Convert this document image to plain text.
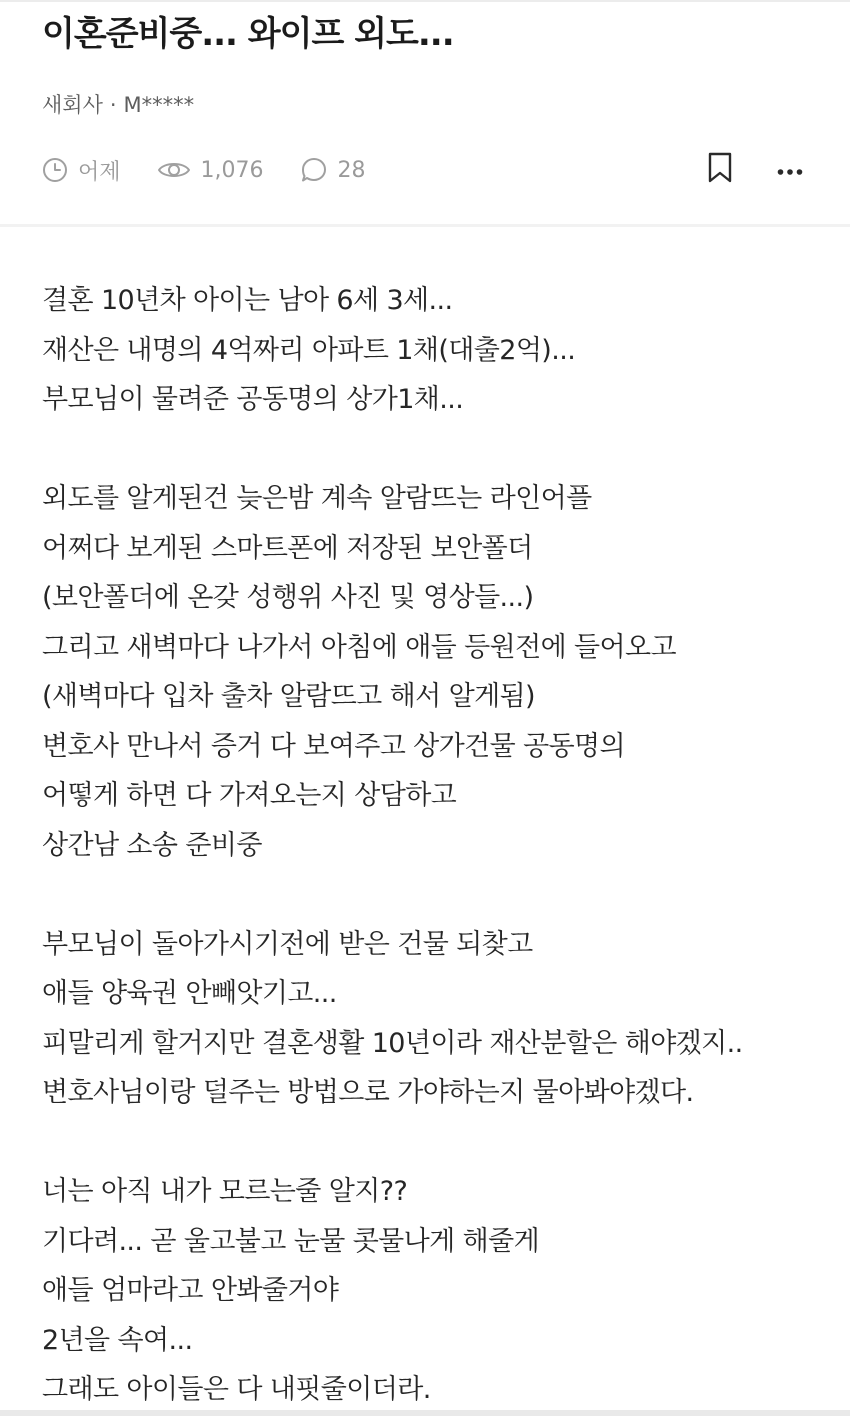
이혼준비중... 와이프 외도...
새회사 · M*****
어제	1,076	28
결혼 10년차 아이는 남아 6세 3세...
재산은 내명의 4억짜리 아파트 1채(대출2억)...
부모님이 물려준 공동명의 상가1채...
외도를 알게된건 늦은밤 계속 알람뜨는 라인어플
어쩌다 보게된 스마트폰에 저장된 보안폴더
(보안폴더에 온갖 성행위 사진 및 영상들...)
그리고 새벽마다 나가서 아침에 애들 등원전에 들어오고
(새벽마다 입차 출차 알람뜨고 해서 알게됨)
변호사 만나서 증거 다 보여주고 상가건물 공동명의
어떻게 하면 다 가져오는지 상담하고
상간남 소송 준비중
부모님이 돌아가시기전에 받은 건물 되찾고
애들 양육권 안빼앗기고...
피말리게 할거지만 결혼생활 10년이라 재산분할은 해야겠지..
변호사님이랑 덜주는 방법으로 가야하는지 물아봐야겠다.
너는 아직 내가 모르는줄 알지??
기다려... 곧 울고불고 눈물 콧물나게 해줄게
애들 엄마라고 안봐줄거야
2년을 속여...
그래도 아이들은 다 내핏줄이더라.
